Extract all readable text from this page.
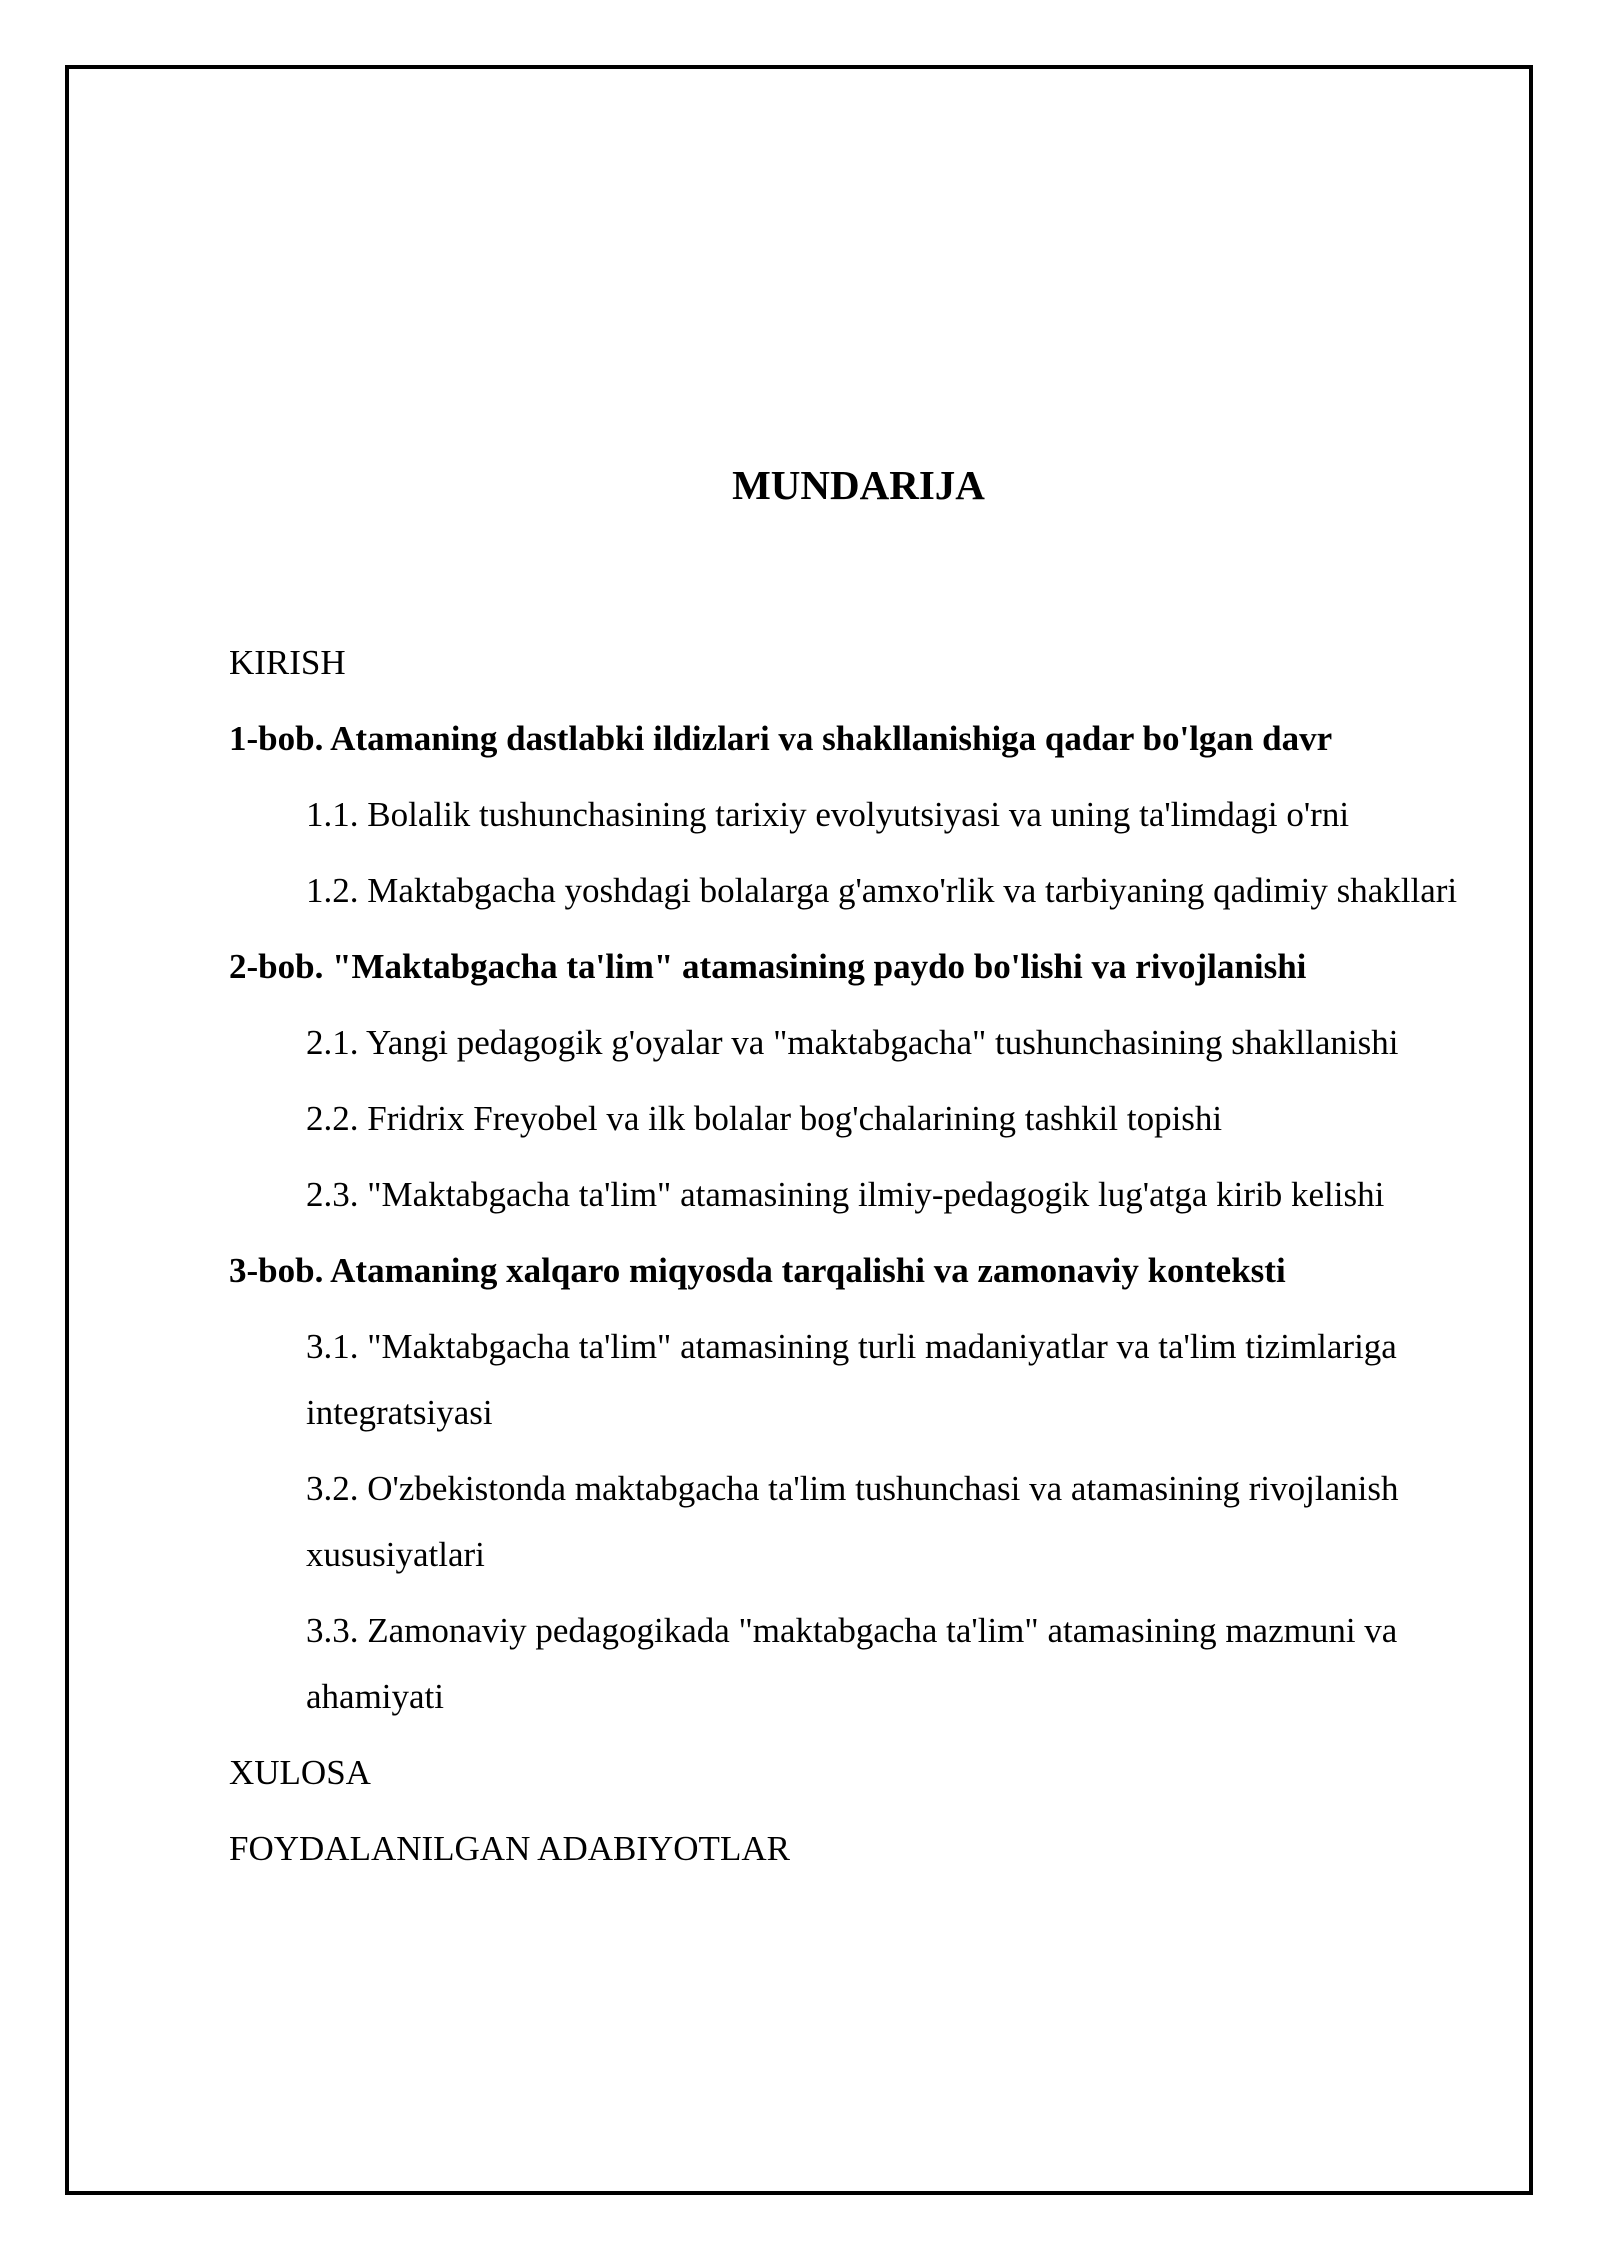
MUNDARIJA
KIRISH
1-bob. Atamaning dastlabki ildizlari va shakllanishiga qadar bo'lgan davr
1.1. Bolalik tushunchasining tarixiy evolyutsiyasi va uning ta'limdagi o'rni
1.2. Maktabgacha yoshdagi bolalarga g'amxo'rlik va tarbiyaning qadimiy shakllari
2-bob. "Maktabgacha ta'lim" atamasining paydo bo'lishi va rivojlanishi
2.1. Yangi pedagogik g'oyalar va "maktabgacha" tushunchasining shakllanishi
2.2. Fridrix Freyobel va ilk bolalar bog'chalarining tashkil topishi
2.3. "Maktabgacha ta'lim" atamasining ilmiy-pedagogik lug'atga kirib kelishi
3-bob. Atamaning xalqaro miqyosda tarqalishi va zamonaviy konteksti
3.1. "Maktabgacha ta'lim" atamasining turli madaniyatlar va ta'lim tizimlariga integratsiyasi
3.2. O'zbekistonda maktabgacha ta'lim tushunchasi va atamasining rivojlanish xususiyatlari
3.3. Zamonaviy pedagogikada "maktabgacha ta'lim" atamasining mazmuni va ahamiyati
XULOSA
FOYDALANILGAN ADABIYOTLAR
